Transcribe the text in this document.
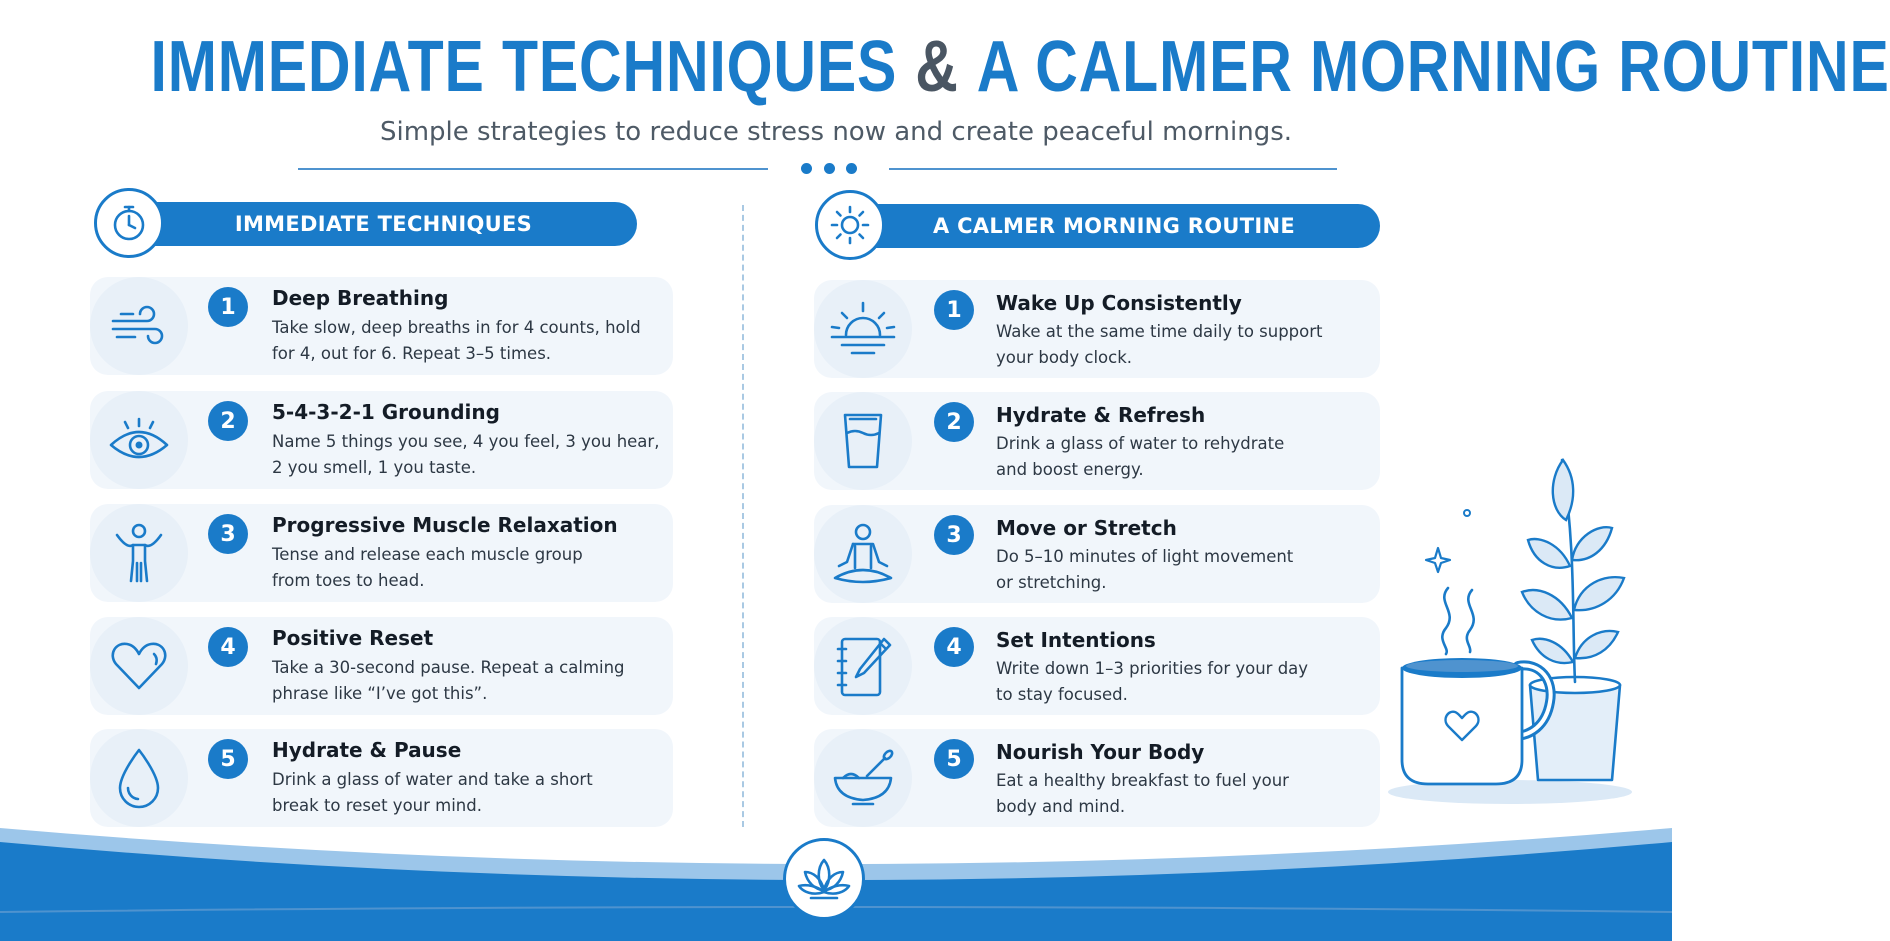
IMMEDIATE TECHNIQUES & A CALMER MORNING ROUTINE
Simple strategies to reduce stress now and create peaceful mornings.
IMMEDIATE TECHNIQUES
1	Deep Breathing
Take slow, deep breaths in for 4 counts, hold
for 4, out for 6. Repeat 3–5 times.
2	5-4-3-2-1 Grounding
Name 5 things you see, 4 you feel, 3 you hear,
2 you smell, 1 you taste.
3	Progressive Muscle Relaxation
Tense and release each muscle group
from toes to head.
4	Positive Reset
Take a 30-second pause. Repeat a calming
phrase like “I’ve got this”.
5	Hydrate & Pause
Drink a glass of water and take a short
break to reset your mind.
A CALMER MORNING ROUTINE
1	Wake Up Consistently
Wake at the same time daily to support
your body clock.
2	Hydrate & Refresh
Drink a glass of water to rehydrate
and boost energy.
3	Move or Stretch
Do 5–10 minutes of light movement
or stretching.
4	Set Intentions
Write down 1–3 priorities for your day
to stay focused.
5	Nourish Your Body
Eat a healthy breakfast to fuel your
body and mind.
